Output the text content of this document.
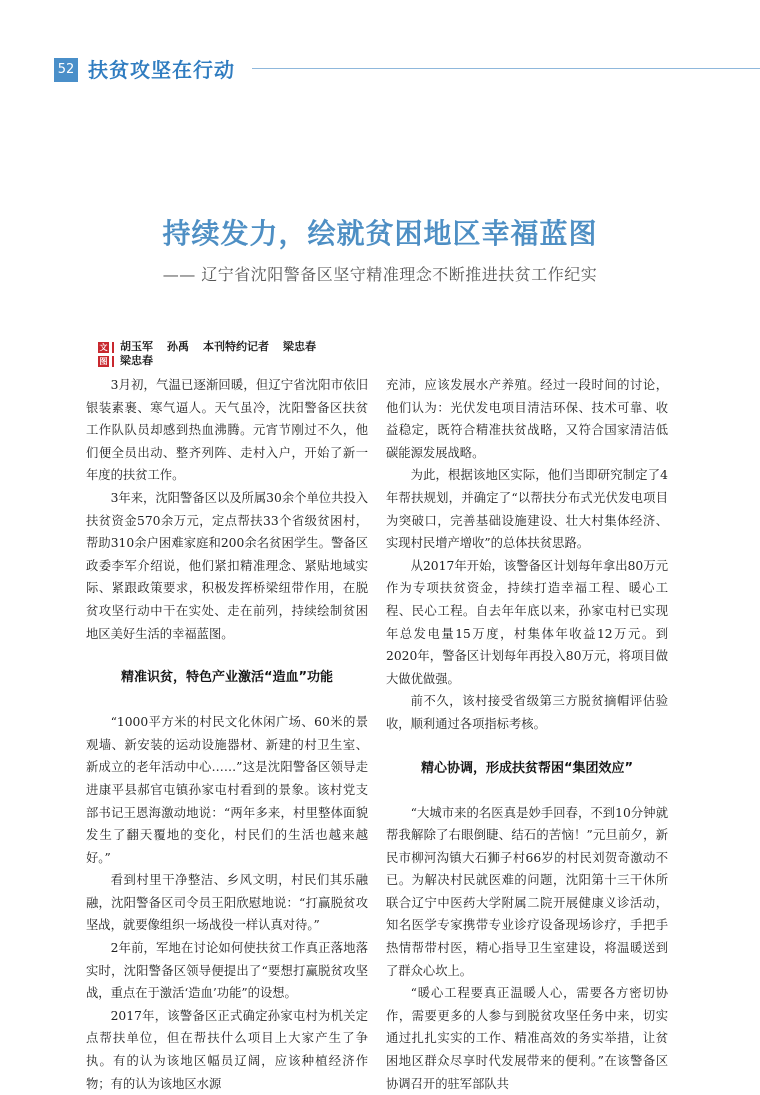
52 扶贫攻坚在行动
持续发力，绘就贫困地区幸福蓝图
—— 辽宁省沈阳警备区坚守精准理念不断推进扶贫工作纪实
文 胡玉军 孙禹 本刊特约记者 梁忠春
图 梁忠春

3月初，气温已逐渐回暖，但辽宁省沈阳市依旧银装素裹、寒气逼人。天气虽冷，沈阳警备区扶贫工作队队员却感到热血沸腾。元宵节刚过不久，他们便全员出动、整齐列阵、走村入户，开始了新一年度的扶贫工作。

3年来，沈阳警备区以及所属30余个单位共投入扶贫资金570余万元，定点帮扶33个省级贫困村，帮助310余户困难家庭和200余名贫困学生。警备区政委李军介绍说，他们紧扣精准理念、紧贴地域实际、紧跟政策要求，积极发挥桥梁纽带作用，在脱贫攻坚行动中干在实处、走在前列，持续绘制贫困地区美好生活的幸福蓝图。

精准识贫，特色产业激活“造血”功能

“1000平方米的村民文化休闲广场、60米的景观墙、新安装的运动设施器材、新建的村卫生室、新成立的老年活动中心……”这是沈阳警备区领导走进康平县郝官屯镇孙家屯村看到的景象。该村党支部书记王恩海激动地说：“两年多来，村里整体面貌发生了翻天覆地的变化，村民们的生活也越来越好。”

看到村里干净整洁、乡风文明，村民们其乐融融，沈阳警备区司令员王阳欣慰地说：“打赢脱贫攻坚战，就要像组织一场战役一样认真对待。”

2年前，军地在讨论如何使扶贫工作真正落地落实时，沈阳警备区领导便提出了“要想打赢脱贫攻坚战，重点在于激活‘造血’功能”的设想。

2017年，该警备区正式确定孙家屯村为机关定点帮扶单位，但在帮扶什么项目上大家产生了争执。有的认为该地区幅员辽阔，应该种植经济作物；有的认为该地区水源

充沛，应该发展水产养殖。经过一段时间的讨论，他们认为：光伏发电项目清洁环保、技术可靠、收益稳定，既符合精准扶贫战略，又符合国家清洁低碳能源发展战略。

为此，根据该地区实际，他们当即研究制定了4年帮扶规划，并确定了“以帮扶分布式光伏发电项目为突破口，完善基础设施建设、壮大村集体经济、实现村民增产增收”的总体扶贫思路。

从2017年开始，该警备区计划每年拿出80万元作为专项扶贫资金，持续打造幸福工程、暖心工程、民心工程。自去年年底以来，孙家屯村已实现年总发电量15万度，村集体年收益12万元。到2020年，警备区计划每年再投入80万元，将项目做大做优做强。

前不久，该村接受省级第三方脱贫摘帽评估验收，顺利通过各项指标考核。

精心协调，形成扶贫帮困“集团效应”

“大城市来的名医真是妙手回春，不到10分钟就帮我解除了右眼倒睫、结石的苦恼！”元旦前夕，新民市柳河沟镇大石狮子村66岁的村民刘贺奇激动不已。为解决村民就医难的问题，沈阳第十三干休所联合辽宁中医药大学附属二院开展健康义诊活动，知名医学专家携带专业诊疗设备现场诊疗，手把手热情帮带村医，精心指导卫生室建设，将温暖送到了群众心坎上。

“暖心工程要真正温暖人心，需要各方密切协作，需要更多的人参与到脱贫攻坚任务中来，切实通过扎扎实实的工作、精准高效的务实举措，让贫困地区群众尽享时代发展带来的便利。”在该警备区协调召开的驻军部队共
